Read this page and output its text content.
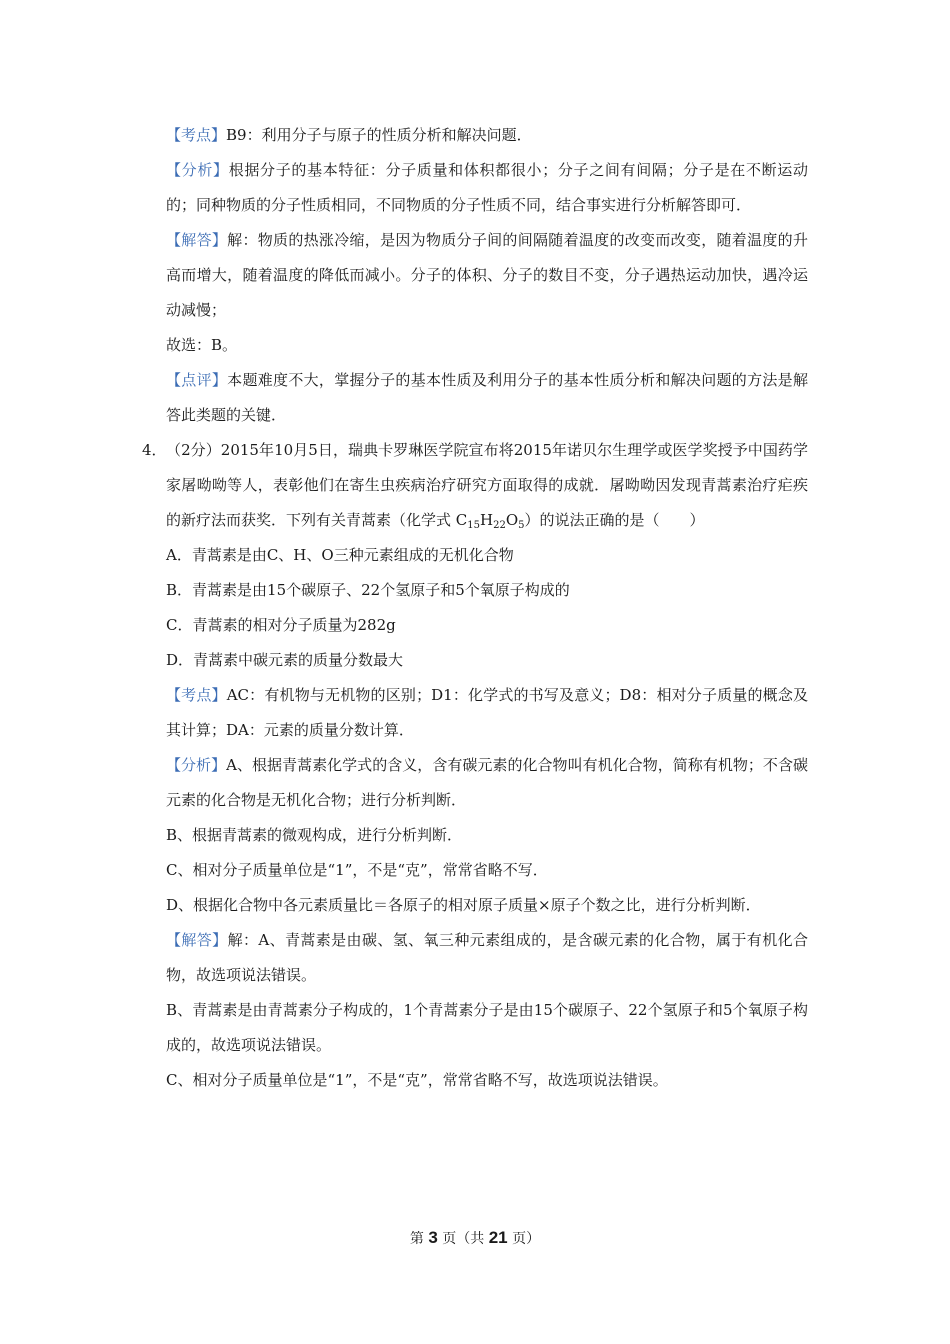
【考点】B9：利用分子与原子的性质分析和解决问题．

【分析】根据分子的基本特征：分子质量和体积都很小；分子之间有间隔；分子是在不断运动的；同种物质的分子性质相同，不同物质的分子性质不同，结合事实进行分析解答即可．

【解答】解：物质的热涨冷缩，是因为物质分子间的间隔随着温度的改变而改变，随着温度的升高而增大，随着温度的降低而减小。分子的体积、分子的数目不变，分子遇热运动加快，遇冷运动减慢；

故选：B。

【点评】本题难度不大，掌握分子的基本性质及利用分子的基本性质分析和解决问题的方法是解答此类题的关键．

4． （2分）2015年10月5日，瑞典卡罗琳医学院宣布将2015年诺贝尔生理学或医学奖授予中国药学家屠呦呦等人，表彰他们在寄生虫疾病治疗研究方面取得的成就．屠呦呦因发现青蒿素治疗疟疾的新疗法而获奖．下列有关青蒿素（化学式 $C_{15}H_{22}O_5$）的说法正确的是（　　）

A．青蒿素是由C、H、O三种元素组成的无机化合物

B．青蒿素是由15个碳原子、22个氢原子和5个氧原子构成的

C．青蒿素的相对分子质量为282g

D．青蒿素中碳元素的质量分数最大

【考点】AC：有机物与无机物的区别；D1：化学式的书写及意义；D8：相对分子质量的概念及其计算；DA：元素的质量分数计算．

【分析】A、根据青蒿素化学式的含义，含有碳元素的化合物叫有机化合物，简称有机物；不含碳元素的化合物是无机化合物；进行分析判断．

B、根据青蒿素的微观构成，进行分析判断．

C、相对分子质量单位是“1”，不是“克”，常常省略不写．

D、根据化合物中各元素质量比＝各原子的相对原子质量×原子个数之比，进行分析判断．

【解答】解：A、青蒿素是由碳、氢、氧三种元素组成的，是含碳元素的化合物，属于有机化合物，故选项说法错误。

B、青蒿素是由青蒿素分子构成的，1个青蒿素分子是由15个碳原子、22个氢原子和5个氧原子构成的，故选项说法错误。

C、相对分子质量单位是“1”，不是“克”，常常省略不写，故选项说法错误。

第 3 页（共 21 页）
